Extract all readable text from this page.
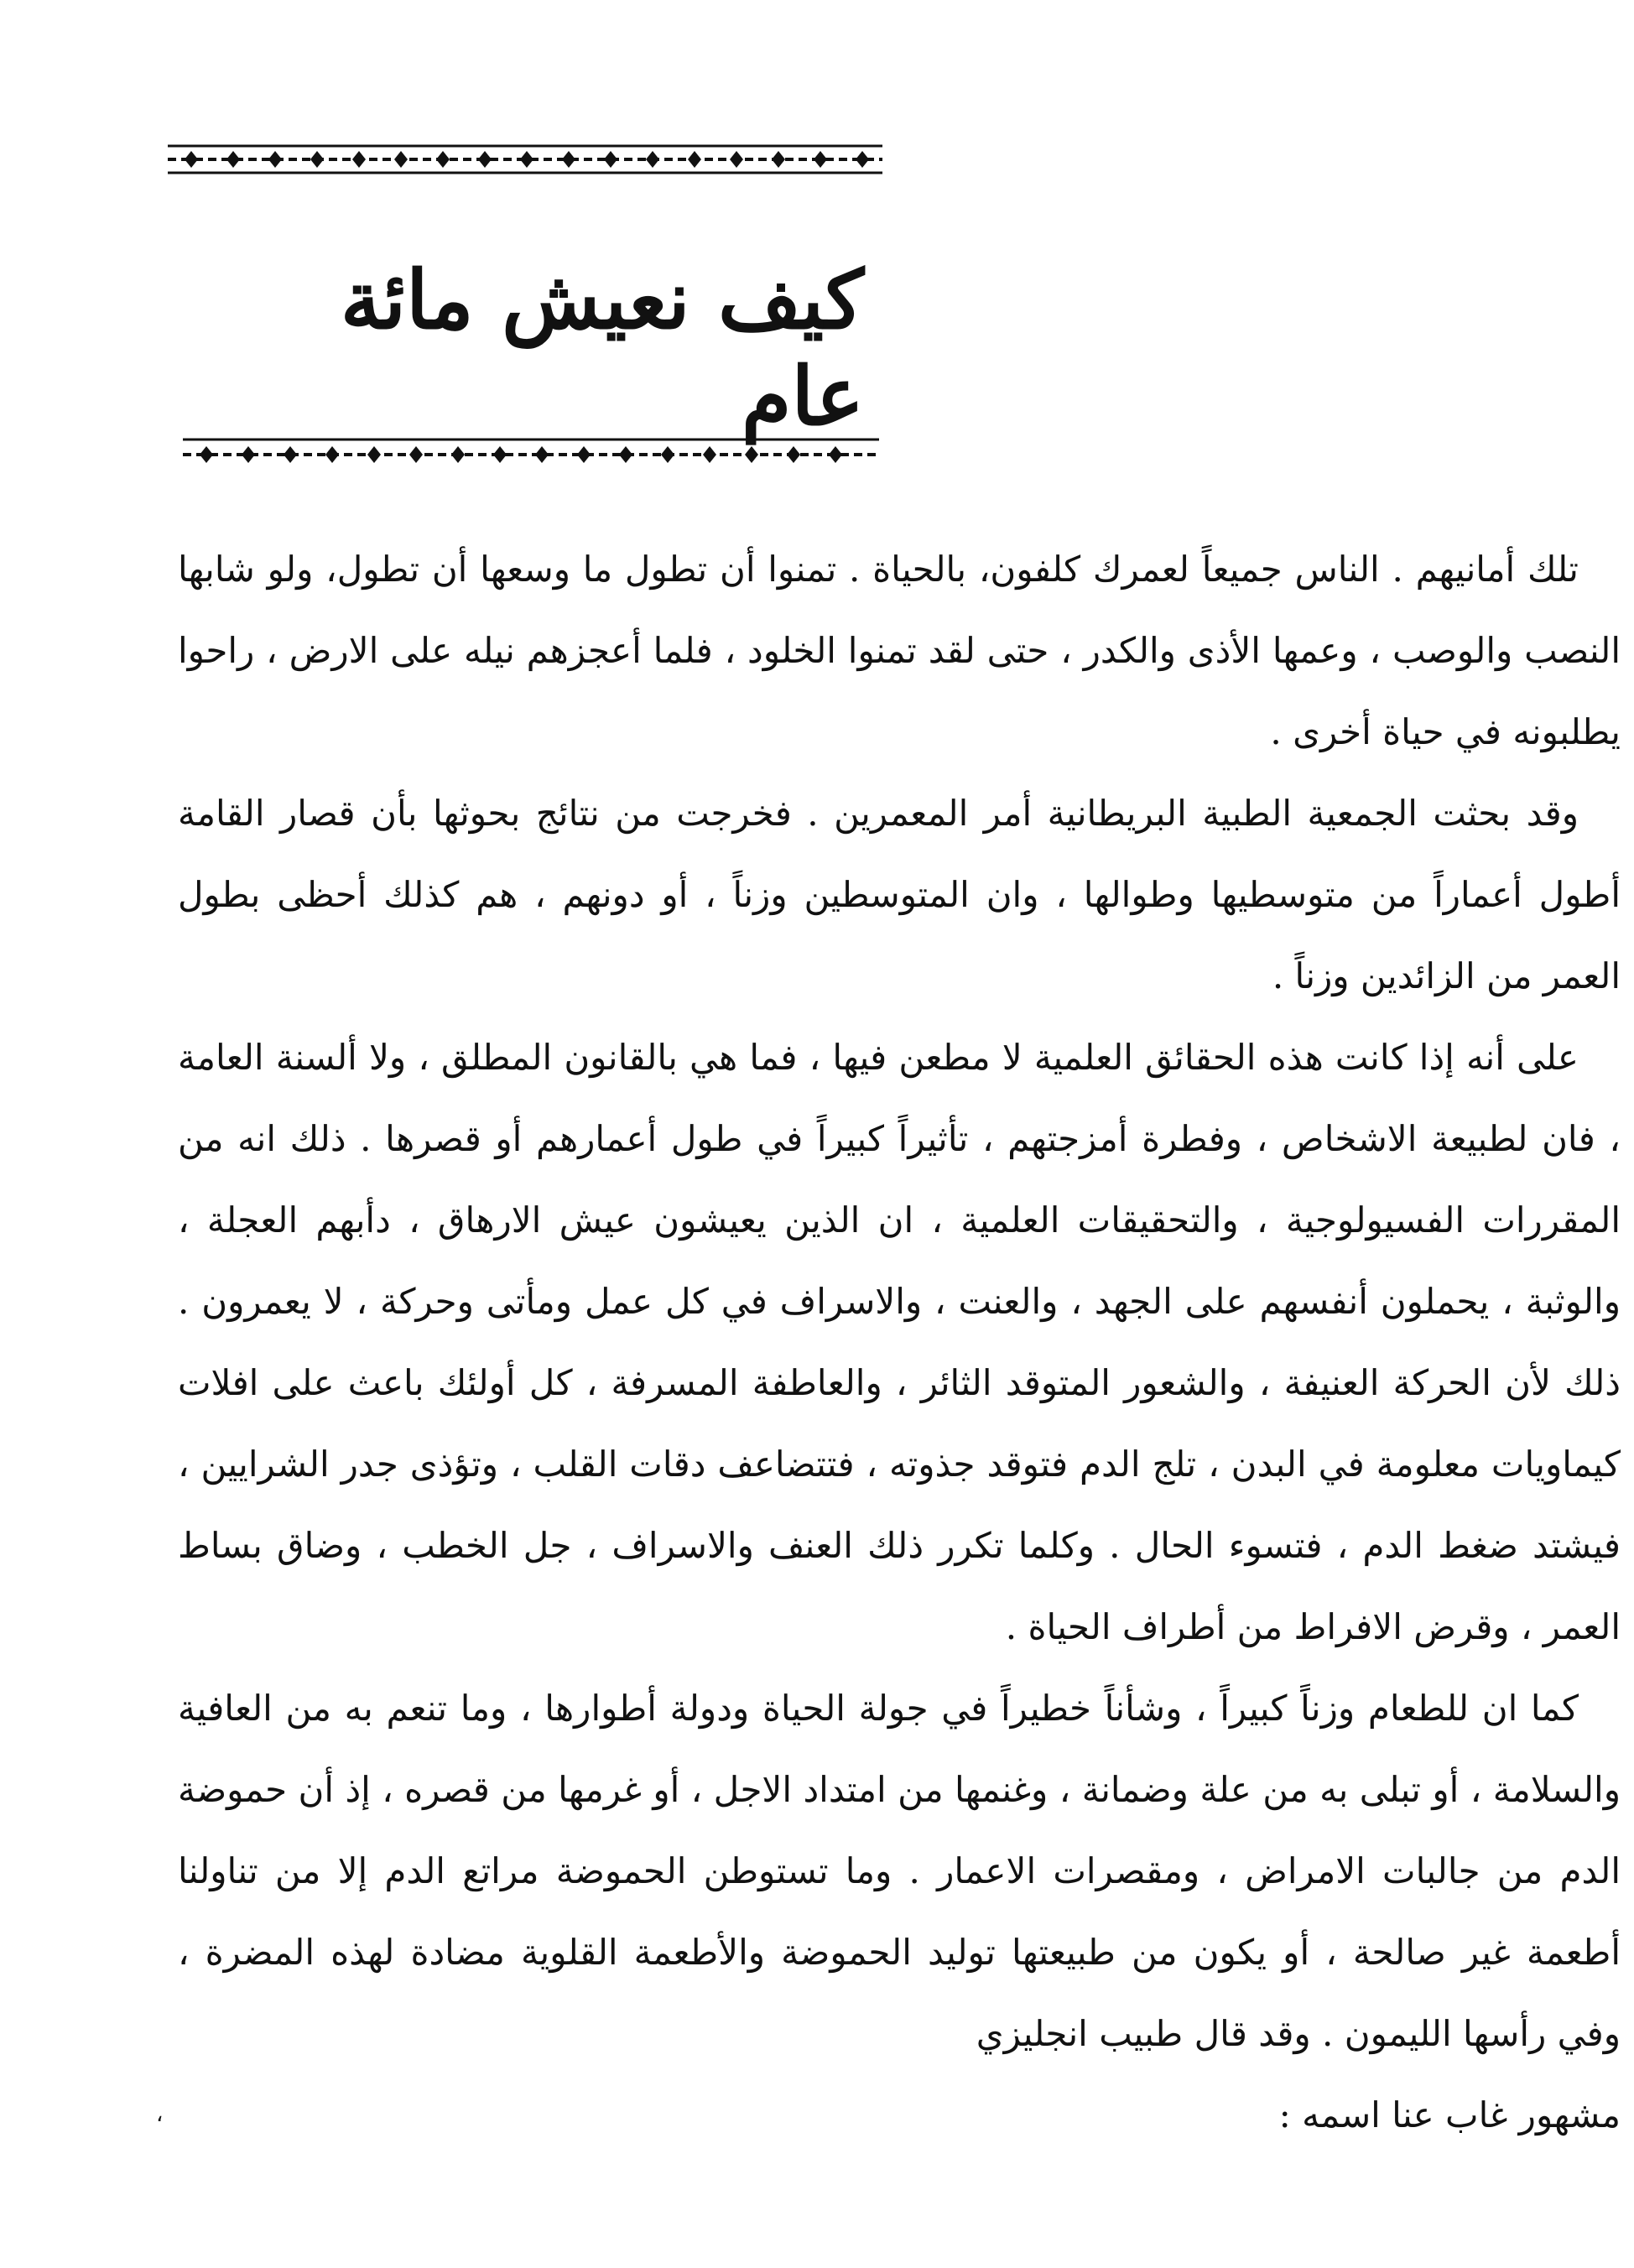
كيف نعيش مائة عام

تلك أمانيهم . الناس جميعاً لعمرك كلفون، بالحياة . تمنوا أن تطول ما وسعها أن تطول، ولو شابها النصب والوصب ، وعمها الأذى والكدر ، حتى لقد تمنوا الخلود ، فلما أعجزهم نيله على الارض ، راحوا يطلبونه في حياة أخرى .

وقد بحثت الجمعية الطبية البريطانية أمر المعمرين . فخرجت من نتائج بحوثها بأن قصار القامة أطول أعماراً من متوسطيها وطوالها ، وان المتوسطين وزناً ، أو دونهم ، هم كذلك أحظى بطول العمر من الزائدين وزناً .

على أنه إذا كانت هذه الحقائق العلمية لا مطعن فيها ، فما هي بالقانون المطلق ، ولا ألسنة العامة ، فان لطبيعة الاشخاص ، وفطرة أمزجتهم ، تأثيراً كبيراً في طول أعمارهم أو قصرها . ذلك انه من المقررات الفسيولوجية ، والتحقيقات العلمية ، ان الذين يعيشون عيش الارهاق ، دأبهم العجلة ، والوثبة ، يحملون أنفسهم على الجهد ، والعنت ، والاسراف في كل عمل ومأتى وحركة ، لا يعمرون . ذلك لأن الحركة العنيفة ، والشعور المتوقد الثائر ، والعاطفة المسرفة ، كل أولئك باعث على افلات كيماويات معلومة في البدن ، تلج الدم فتوقد جذوته ، فتتضاعف دقات القلب ، وتؤذى جدر الشرايين ، فيشتد ضغط الدم ، فتسوء الحال . وكلما تكرر ذلك العنف والاسراف ، جل الخطب ، وضاق بساط العمر ، وقرض الافراط من أطراف الحياة .

كما ان للطعام وزناً كبيراً ، وشأناً خطيراً في جولة الحياة ودولة أطوارها ، وما تنعم به من العافية والسلامة ، أو تبلى به من علة وضمانة ، وغنمها من امتداد الاجل ، أو غرمها من قصره ، إذ أن حموضة الدم من جالبات الامراض ، ومقصرات الاعمار . وما تستوطن الحموضة مراتع الدم إلا من تناولنا أطعمة غير صالحة ، أو يكون من طبيعتها توليد الحموضة والأطعمة القلوية مضادة لهذه المضرة ، وفي رأسها الليمون . وقد قال طبيب انجليزي

مشهور غاب عنا اسمه :

،
